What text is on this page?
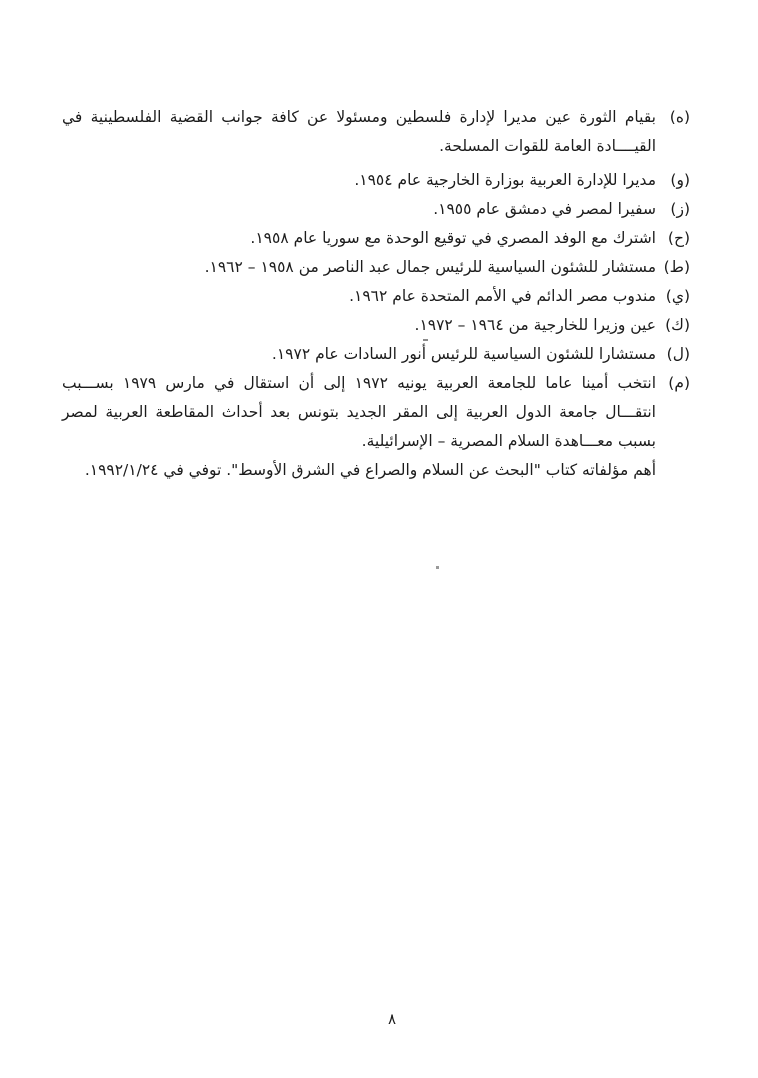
(ه)
بقيام الثورة عين مديرا لإدارة فلسطين ومسئولا عن كافة جوانب القضية الفلسطينية في القيــــادة العامة للقوات المسلحة.
(و)
مديرا للإدارة العربية بوزارة الخارجية عام ١٩٥٤.
(ز)
سفيرا لمصر في دمشق عام ١٩٥٥.
(ح)
اشترك مع الوفد المصري في توقيع الوحدة مع سوريا عام ١٩٥٨.
(ط)
مستشار للشئون السياسية للرئيس جمال عبد الناصر من ١٩٥٨ – ١٩٦٢.
(ي)
مندوب مصر الدائم في الأمم المتحدة عام ١٩٦٢.
(ك)
عين وزيرا للخارجية من ١٩٦٤ – ١٩٧٢.
(ل)
مستشارا للشئون السياسية للرئيس أنور السادات عام ١٩٧٢.
(م)
انتخب أمينا عاما للجامعة العربية يونيه ١٩٧٢ إلى أن استقال في مارس ١٩٧٩ بســـبب انتقـــال جامعة الدول العربية إلى المقر الجديد بتونس بعد أحداث المقاطعة العربية لمصر بسبب معـــاهدة السلام المصرية – الإسرائيلية.
أهم مؤلفاته كتاب "البحث عن السلام والصراع في الشرق الأوسط". توفي في ١٩٩٢/١/٢٤.
٨
